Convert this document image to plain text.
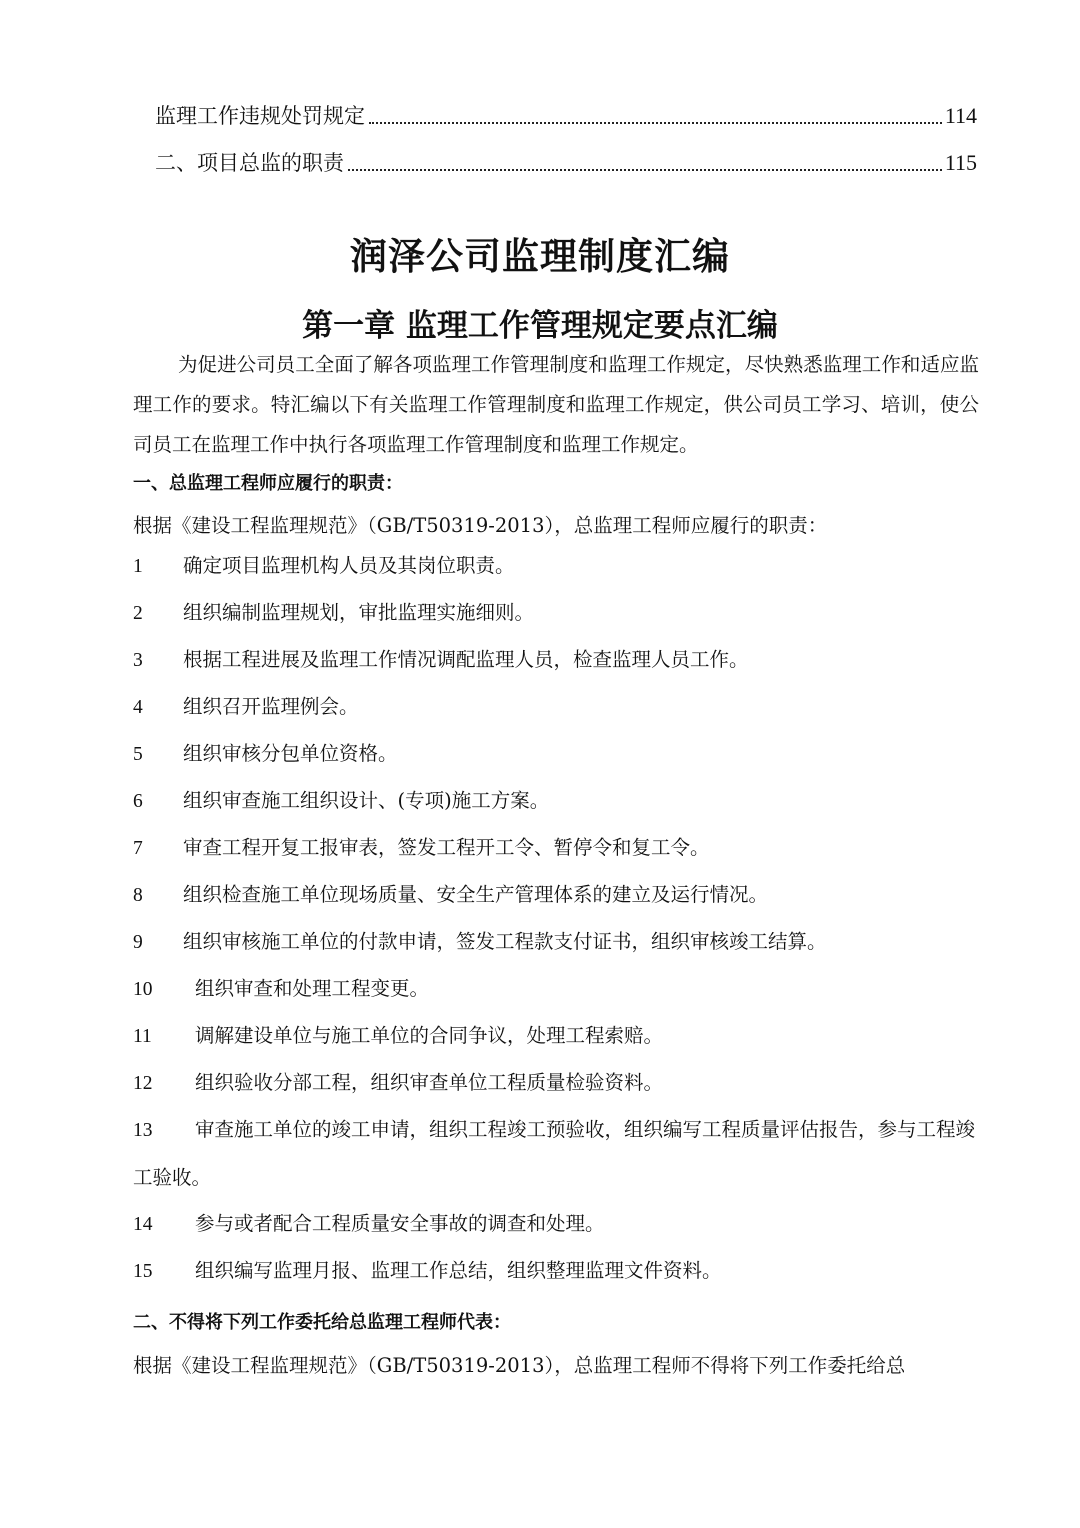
监理工作违规处罚规定	114
二、项目总监的职责	115
润泽公司监理制度汇编
第一章 监理工作管理规定要点汇编
为促进公司员工全面了解各项监理工作管理制度和监理工作规定，尽快熟悉监理工作和适应监理工作的要求。特汇编以下有关监理工作管理制度和监理工作规定，供公司员工学习、培训，使公司员工在监理工作中执行各项监理工作管理制度和监理工作规定。
一、总监理工程师应履行的职责：
根据《建设工程监理规范》（GB/T50319-2013），总监理工程师应履行的职责：
1 确定项目监理机构人员及其岗位职责。
2 组织编制监理规划，审批监理实施细则。
3 根据工程进展及监理工作情况调配监理人员，检查监理人员工作。
4 组织召开监理例会。
5 组织审核分包单位资格。
6 组织审查施工组织设计、(专项)施工方案。
7 审查工程开复工报审表，签发工程开工令、暂停令和复工令。
8 组织检查施工单位现场质量、安全生产管理体系的建立及运行情况。
9 组织审核施工单位的付款申请，签发工程款支付证书，组织审核竣工结算。
10 组织审查和处理工程变更。
11 调解建设单位与施工单位的合同争议，处理工程索赔。
12 组织验收分部工程，组织审查单位工程质量检验资料。
13 审查施工单位的竣工申请，组织工程竣工预验收，组织编写工程质量评估报告，参与工程竣工验收。
14 参与或者配合工程质量安全事故的调查和处理。
15 组织编写监理月报、监理工作总结，组织整理监理文件资料。
二、不得将下列工作委托给总监理工程师代表：
根据《建设工程监理规范》（GB/T50319-2013），总监理工程师不得将下列工作委托给总
